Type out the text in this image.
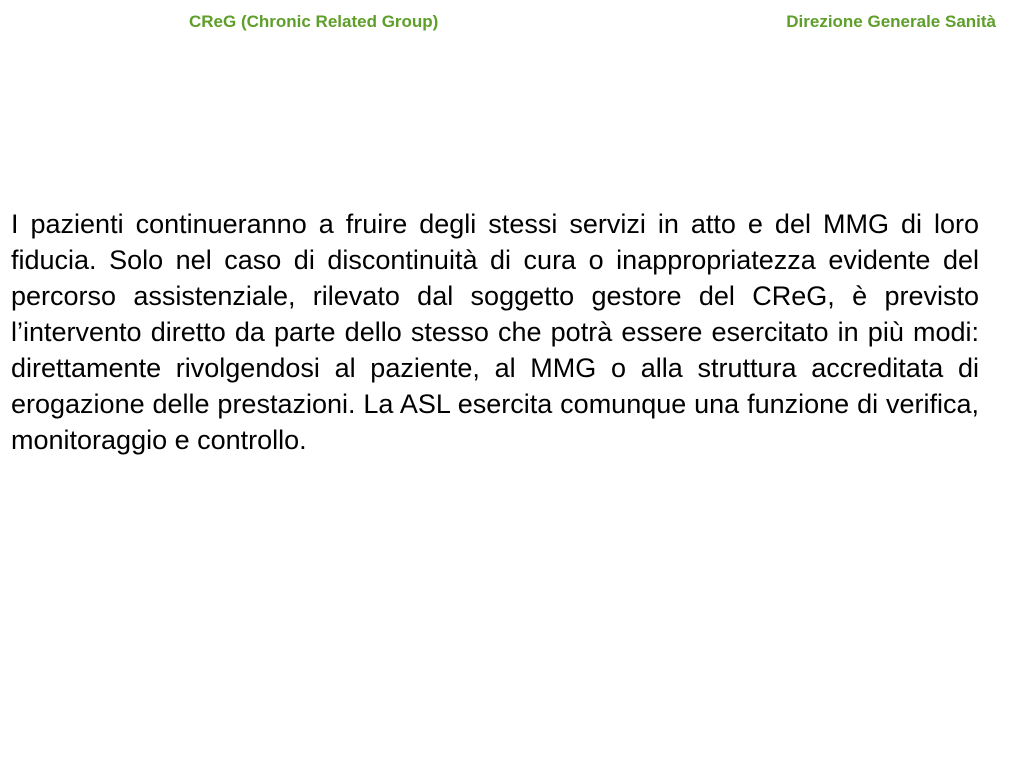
CReG (Chronic Related Group)	Direzione Generale Sanità

I pazienti continueranno a fruire degli stessi servizi in atto e del MMG di loro fiducia. Solo nel caso di discontinuità di cura o inappropriatezza evidente del percorso assistenziale, rilevato dal soggetto gestore del CReG, è previsto l’intervento diretto da parte dello stesso che potrà essere esercitato in più modi: direttamente rivolgendosi al paziente, al MMG o alla struttura accreditata di erogazione delle prestazioni. La ASL esercita comunque una funzione di verifica, monitoraggio e controllo.
